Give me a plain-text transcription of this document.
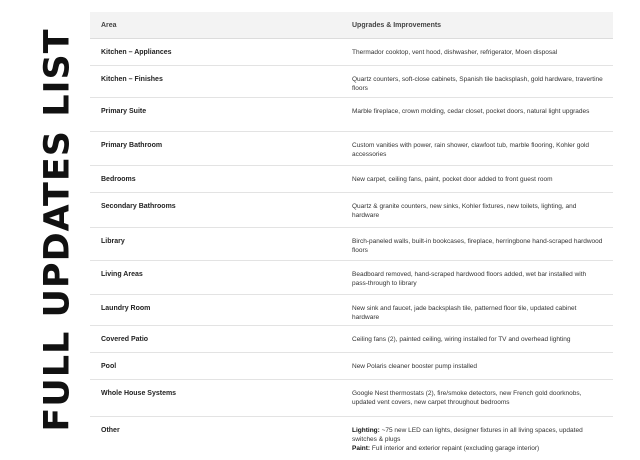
FULL UPDATES LIST
Area	Upgrades & Improvements
Kitchen – Appliances	Thermador cooktop, vent hood, dishwasher, refrigerator, Moen disposal
Kitchen – Finishes	Quartz counters, soft-close cabinets, Spanish tile backsplash, gold hardware, travertine floors
Primary Suite	Marble fireplace, crown molding, cedar closet, pocket doors, natural light upgrades
Primary Bathroom	Custom vanities with power, rain shower, clawfoot tub, marble flooring, Kohler gold accessories
Bedrooms	New carpet, ceiling fans, paint, pocket door added to front guest room
Secondary Bathrooms	Quartz & granite counters, new sinks, Kohler fixtures, new toilets, lighting, and hardware
Library	Birch-paneled walls, built-in bookcases, fireplace, herringbone hand-scraped hardwood floors
Living Areas	Beadboard removed, hand-scraped hardwood floors added, wet bar installed with pass-through to library
Laundry Room	New sink and faucet, jade backsplash tile, patterned floor tile, updated cabinet hardware
Covered Patio	Ceiling fans (2), painted ceiling, wiring installed for TV and overhead lighting
Pool	New Polaris cleaner booster pump installed
Whole House Systems	Google Nest thermostats (2), fire/smoke detectors, new French gold doorknobs, updated vent covers, new carpet throughout bedrooms
Other	Lighting: ~75 new LED can lights, designer fixtures in all living spaces, updated switches & plugs
Paint: Full interior and exterior repaint (excluding garage interior)
